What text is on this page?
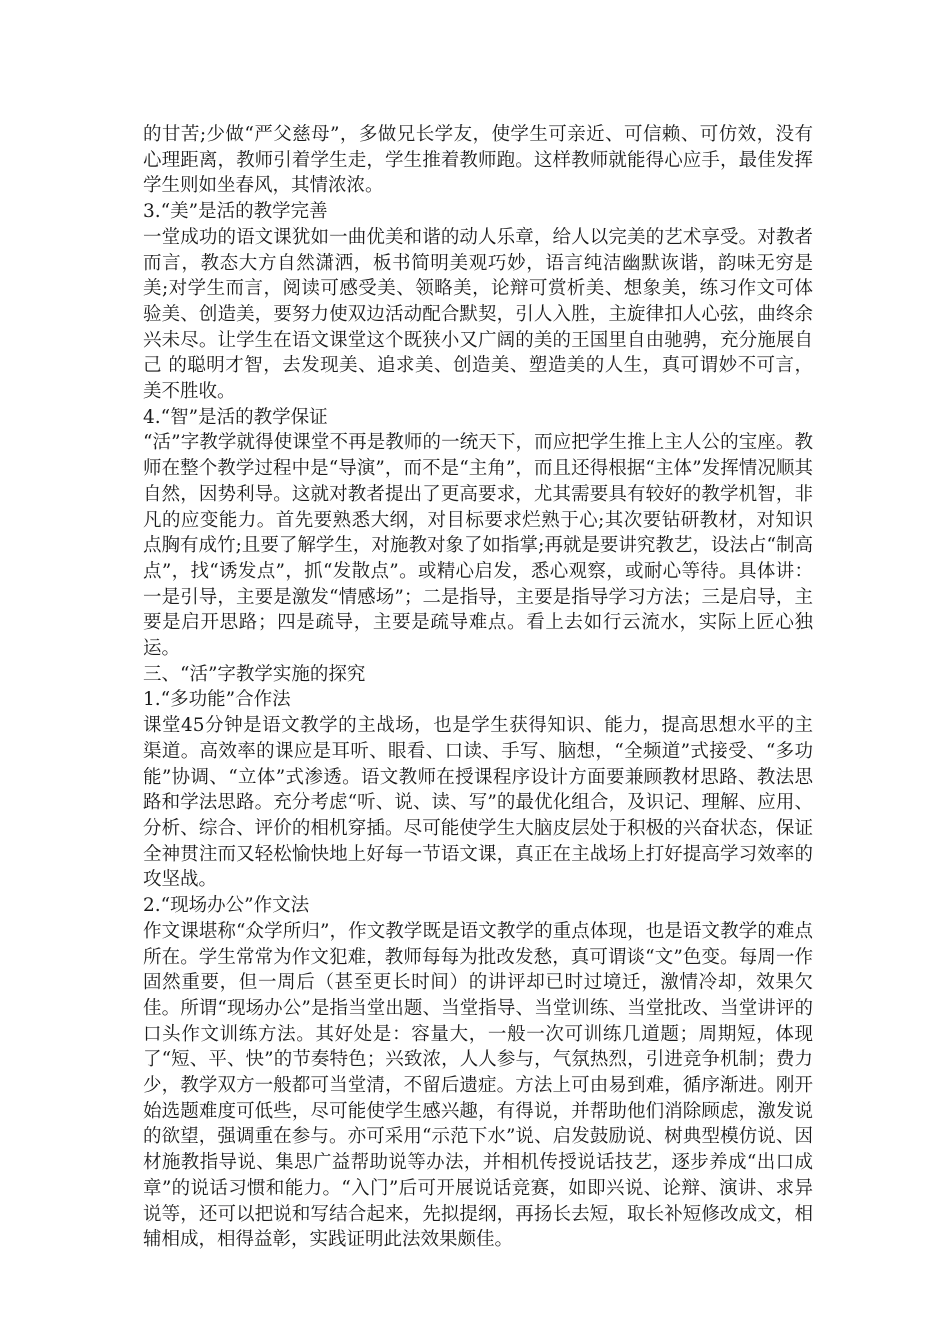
的甘苦;少做“严父慈母”，多做兄长学友，使学生可亲近、可信赖、可仿效，没有心理距离，教师引着学生走，学生推着教师跑。这样教师就能得心应手，最佳发挥学生则如坐春风，其情浓浓。

3.“美”是活的教学完善

一堂成功的语文课犹如一曲优美和谐的动人乐章，给人以完美的艺术享受。对教者 而言，教态大方自然潇洒，板书简明美观巧妙，语言纯洁幽默诙谐，韵味无穷是美;对学生而言，阅读可感受美、领略美，论辩可赏析美、想象美，练习作文可体验美、创造美，要努力使双边活动配合默契，引人入胜，主旋律扣人心弦，曲终余兴未尽。让学生在语文课堂这个既狭小又广阔的美的王国里自由驰骋，充分施展自己 的聪明才智，去发现美、追求美、创造美、塑造美的人生，真可谓妙不可言，美不胜收。

4.“智”是活的教学保证

“活”字教学就得使课堂不再是教师的一统天下，而应把学生推上主人公的宝座。教师在整个教学过程中是“导演”，而不是“主角”，而且还得根据“主体”发挥情况顺其自然，因势利导。这就对教者提出了更高要求，尤其需要具有较好的教学机智，非凡的应变能力。首先要熟悉大纲，对目标要求烂熟于心;其次要钻研教材，对知识点胸有成竹;且要了解学生，对施教对象了如指掌;再就是要讲究教艺，设法占“制高点”，找“诱发点”，抓“发散点”。或精心启发，悉心观察，或耐心等待。具体讲：一是引导，主要是激发“情感场”；二是指导，主要是指导学习方法；三是启导，主要是启开思路；四是疏导，主要是疏导难点。看上去如行云流水，实际上匠心独运。

三、“活”字教学实施的探究

1.“多功能”合作法

课堂45分钟是语文教学的主战场，也是学生获得知识、能力，提高思想水平的主渠道。高效率的课应是耳听、眼看、口读、手写、脑想，“全频道”式接受、“多功能”协调、“立体”式渗透。语文教师在授课程序设计方面要兼顾教材思路、教法思路和学法思路。充分考虑“听、说、读、写”的最优化组合，及识记、理解、应用、分析、综合、评价的相机穿插。尽可能使学生大脑皮层处于积极的兴奋状态，保证全神贯注而又轻松愉快地上好每一节语文课，真正在主战场上打好提高学习效率的攻坚战。

2.“现场办公”作文法

作文课堪称“众学所归”，作文教学既是语文教学的重点体现，也是语文教学的难点所在。学生常常为作文犯难，教师每每为批改发愁，真可谓谈“文”色变。每周一作固然重要，但一周后（甚至更长时间）的讲评却已时过境迁，激情冷却，效果欠佳。所谓“现场办公”是指当堂出题、当堂指导、当堂训练、当堂批改、当堂讲评的口头作文训练方法。其好处是：容量大，一般一次可训练几道题；周期短，体现了“短、平、快”的节奏特色；兴致浓，人人参与，气氛热烈，引进竞争机制；费力少，教学双方一般都可当堂清，不留后遗症。方法上可由易到难，循序渐进。刚开始选题难度可低些，尽可能使学生感兴趣，有得说，并帮助他们消除顾虑，激发说的欲望，强调重在参与。亦可采用“示范下水”说、启发鼓励说、树典型模仿说、因材施教指导说、集思广益帮助说等办法，并相机传授说话技艺，逐步养成“出口成章”的说话习惯和能力。“入门”后可开展说话竞赛，如即兴说、论辩、演讲、求异说等，还可以把说和写结合起来，先拟提纲，再扬长去短，取长补短修改成文，相辅相成，相得益彰，实践证明此法效果颇佳。
